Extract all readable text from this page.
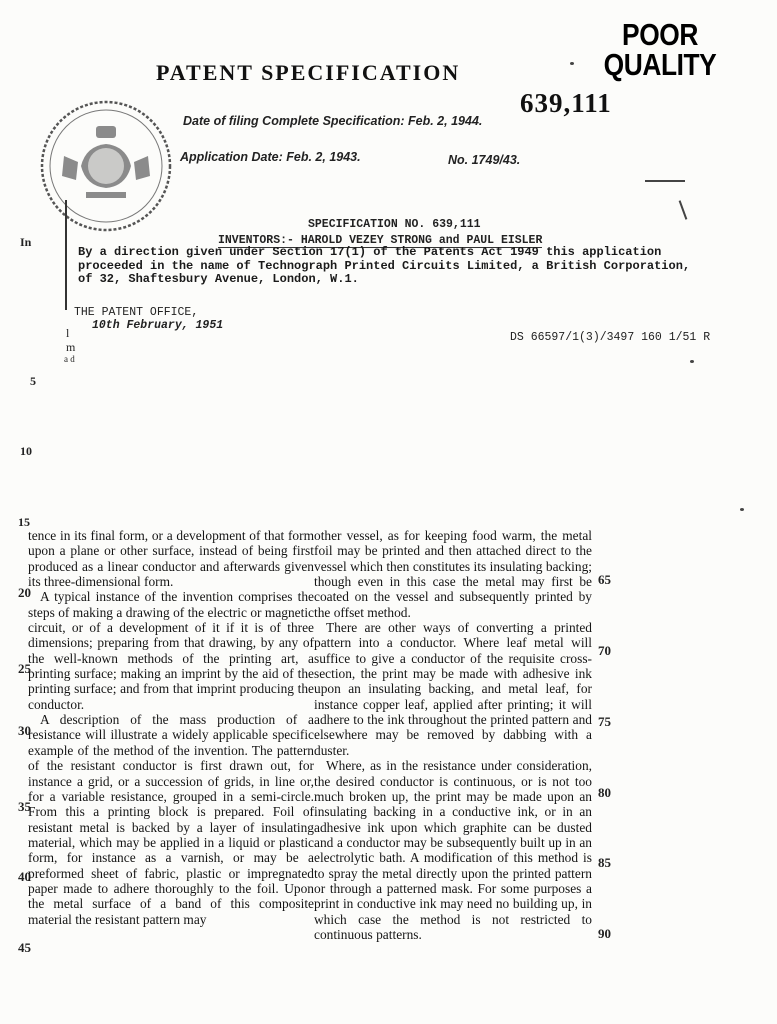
POOR
QUALITY
PATENT SPECIFICATION
639,111
Date of filing Complete Specification: Feb. 2, 1944.
Application Date: Feb. 2, 1943.	No. 1749/43.
In
l
m
a d
SPECIFICATION NO. 639,111
INVENTORS:- HAROLD VEZEY STRONG and PAUL EISLER
By a direction given under Section 17(1) of the Patents Act 1949 this application proceeded in the name of Technograph Printed Circuits Limited, a British Corporation, of 32, Shaftesbury Avenue, London, W.1.
THE PATENT OFFICE,
10th February, 1951
DS 66597/1(3)/3497 160 1/51 R
5
10
15
20
25
30
35
40
45
65
70
75
80
85
90

tence in its final form, or a development of that form upon a plane or other surface, instead of being first produced as a linear conductor and afterwards given its three-dimensional form.

A typical instance of the invention comprises the steps of making a drawing of the electric or magnetic circuit, or of a development of it if it is of three dimensions; preparing from that drawing, by any of the well-known methods of the printing art, a printing surface; making an imprint by the aid of the printing surface; and from that imprint producing the conductor.

A description of the mass production of a resistance will illustrate a widely applicable specific example of the method of the invention. The pattern of the resistant conductor is first drawn out, for instance a grid, or a succession of grids, in line or, for a variable resistance, grouped in a semi-circle. From this a printing block is prepared. Foil of resistant metal is backed by a layer of insulating material, which may be applied in a liquid or plastic form, for instance as a varnish, or may be a preformed sheet of fabric, plastic or impregnated paper made to adhere thoroughly to the foil. Upon the metal surface of a band of this composite material the resistant pattern may

other vessel, as for keeping food warm, the metal foil may be printed and then attached direct to the vessel which then constitutes its insulating backing; though even in this case the metal may first be coated on the vessel and subsequently printed by the offset method.

There are other ways of converting a printed pattern into a conductor. Where leaf metal will suffice to give a conductor of the requisite cross-section, the print may be made with adhesive ink upon an insulating backing, and metal leaf, for instance copper leaf, applied after printing; it will adhere to the ink throughout the printed pattern and elsewhere may be removed by dabbing with a duster.

Where, as in the resistance under consideration, the desired conductor is continuous, or is not too much broken up, the print may be made upon an insulating backing in a conductive ink, or in an adhesive ink upon which graphite can be dusted and a conductor may be subsequently built up in an electrolytic bath. A modification of this method is to spray the metal directly upon the printed pattern or through a patterned mask. For some purposes a print in conductive ink may need no building up, in which case the method is not restricted to continuous patterns.
